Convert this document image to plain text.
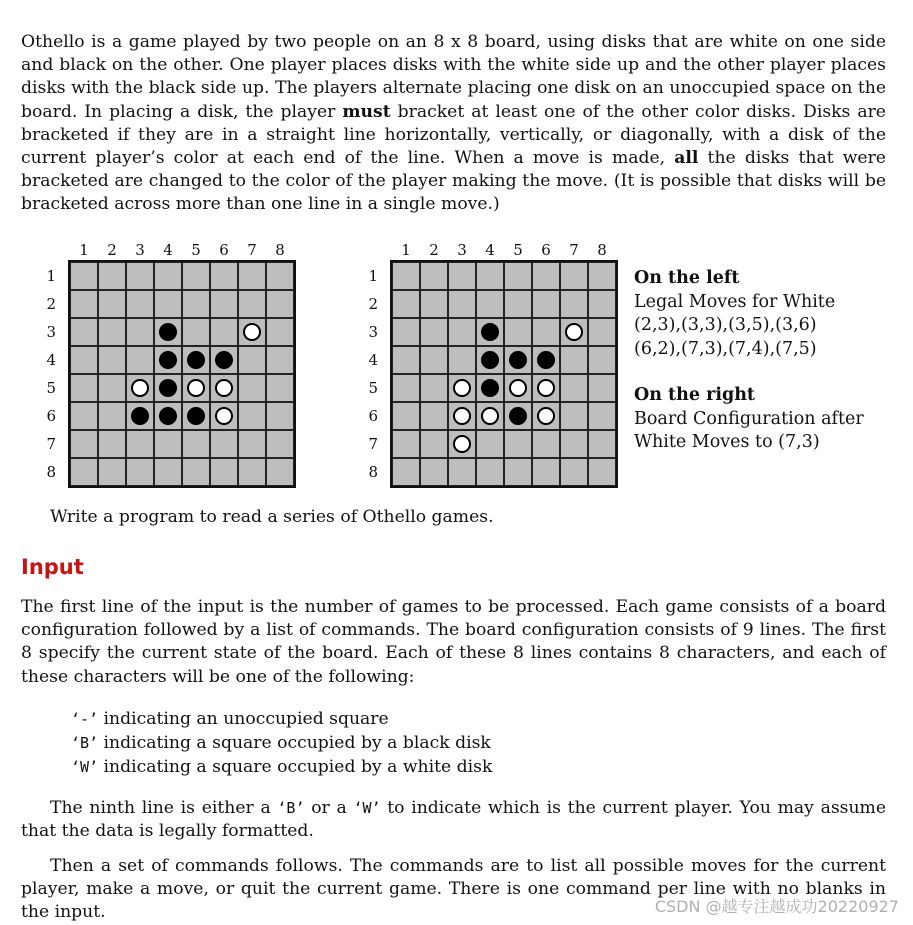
Othello is a game played by two people on an 8 x 8 board, using disks that are white on one side and black on the other. One player places disks with the white side up and the other player places disks with the black side up. The players alternate placing one disk on an unoccupied space on the board. In placing a disk, the player must bracket at least one of the other color disks. Disks are bracketed if they are in a straight line horizontally, vertically, or diagonally, with a disk of the current player’s color at each end of the line. When a move is made, all the disks that were bracketed are changed to the color of the player making the move. (It is possible that disks will be bracketed across more than one line in a single move.)

1	2	3	4	5	6	7	8
1
2
3
4
5
6
7
8
1	2	3	4	5	6	7	8
1
2
3
4
5
6
7
8
On the left
Legal Moves for White
(2,3),(3,3),(3,5),(3,6)
(6,2),(7,3),(7,4),(7,5)
On the right
Board Configuration after
White Moves to (7,3)

Write a program to read a series of Othello games.

Input

The first line of the input is the number of games to be processed. Each game consists of a board configuration followed by a list of commands. The board configuration consists of 9 lines. The first 8 specify the current state of the board. Each of these 8 lines contains 8 characters, and each of these characters will be one of the following:

‘-’ indicating an unoccupied square
‘B’ indicating a square occupied by a black disk
‘W’ indicating a square occupied by a white disk

The ninth line is either a ‘B’ or a ‘W’ to indicate which is the current player. You may assume that the data is legally formatted.

Then a set of commands follows. The commands are to list all possible moves for the current player, make a move, or quit the current game. There is one command per line with no blanks in the input.	CSDN @越专注越成功20220927
